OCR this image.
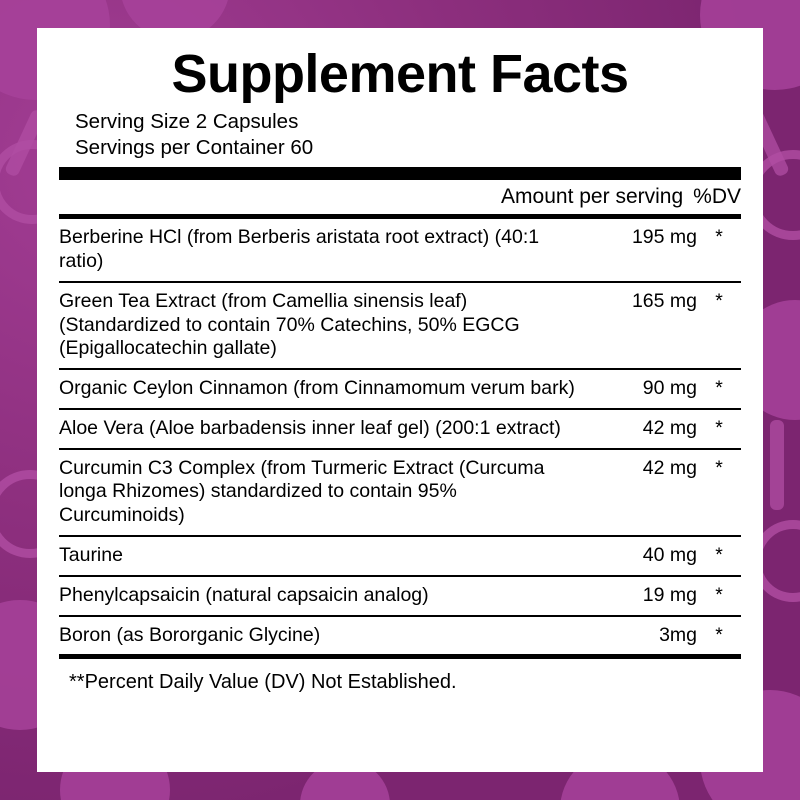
Supplement Facts
Serving Size 2 Capsules
Servings per Container 60
Amount per serving %DV
Berberine HCl (from Berberis aristata root extract) (40:1 ratio)	195 mg	*
Green Tea Extract (from Camellia sinensis leaf) (Standardized to contain 70% Catechins, 50% EGCG (Epigallocatechin gallate)	165 mg	*
Organic Ceylon Cinnamon (from Cinnamomum verum bark)	90 mg	*
Aloe Vera (Aloe barbadensis inner leaf gel) (200:1 extract)	42 mg	*
Curcumin C3 Complex (from Turmeric Extract (Curcuma longa Rhizomes) standardized to contain 95% Curcuminoids)	42 mg	*
Taurine	40 mg	*
Phenylcapsaicin (natural capsaicin analog)	19 mg	*
Boron (as Bororganic Glycine)	3mg	*
**Percent Daily Value (DV) Not Established.
